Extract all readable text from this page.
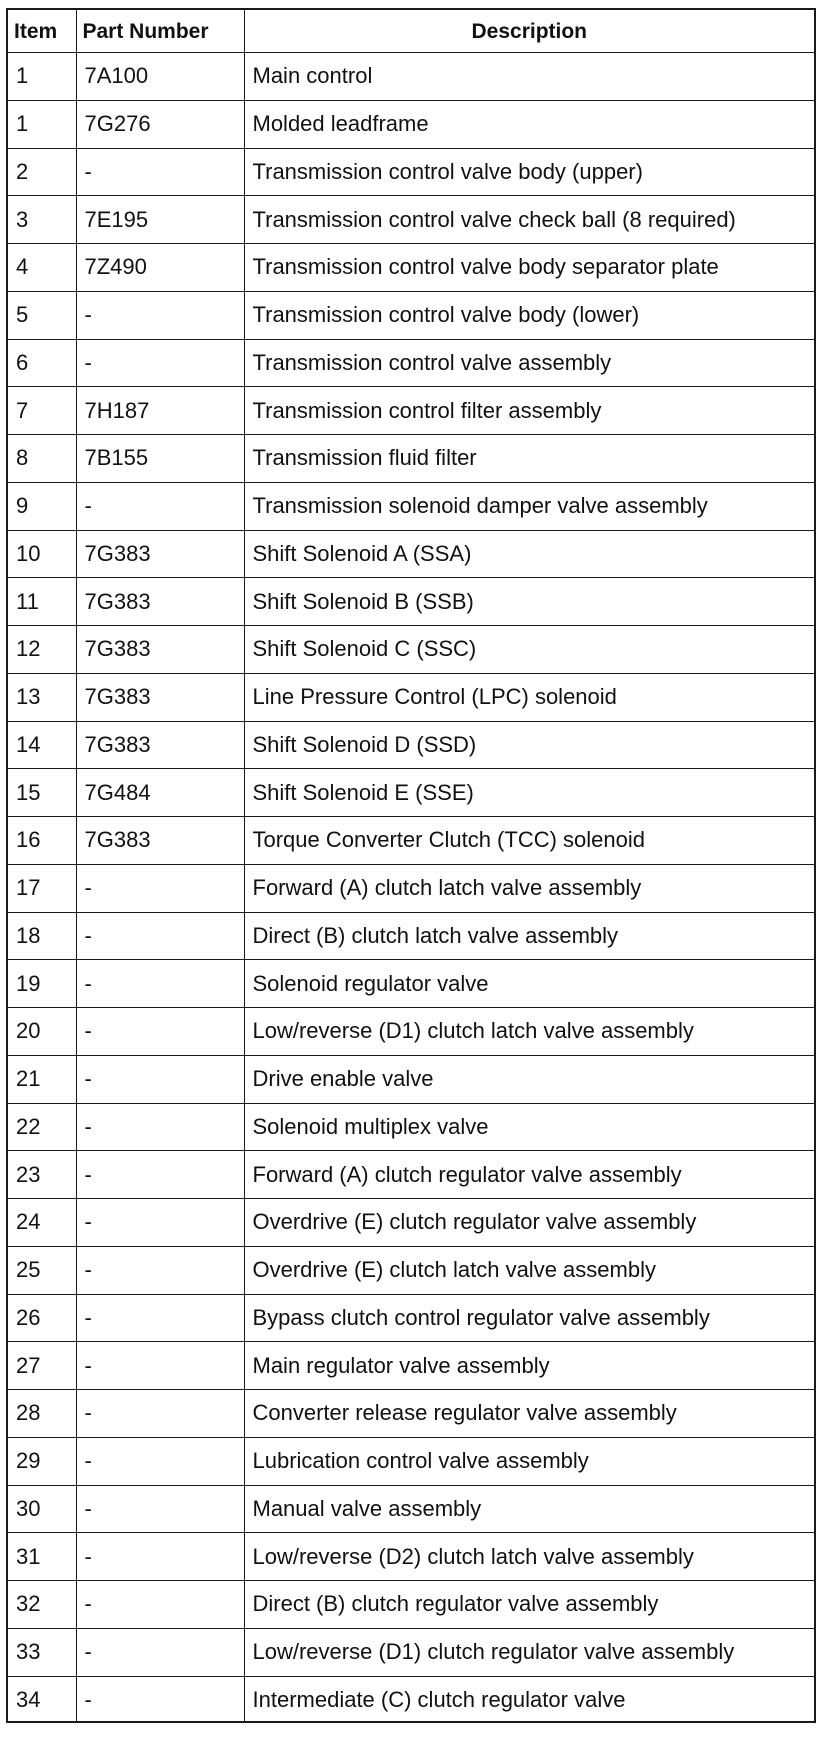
Item	Part Number	Description
1	7A100	Main control
1	7G276	Molded leadframe
2	-	Transmission control valve body (upper)
3	7E195	Transmission control valve check ball (8 required)
4	7Z490	Transmission control valve body separator plate
5	-	Transmission control valve body (lower)
6	-	Transmission control valve assembly
7	7H187	Transmission control filter assembly
8	7B155	Transmission fluid filter
9	-	Transmission solenoid damper valve assembly
10	7G383	Shift Solenoid A (SSA)
11	7G383	Shift Solenoid B (SSB)
12	7G383	Shift Solenoid C (SSC)
13	7G383	Line Pressure Control (LPC) solenoid
14	7G383	Shift Solenoid D (SSD)
15	7G484	Shift Solenoid E (SSE)
16	7G383	Torque Converter Clutch (TCC) solenoid
17	-	Forward (A) clutch latch valve assembly
18	-	Direct (B) clutch latch valve assembly
19	-	Solenoid regulator valve
20	-	Low/reverse (D1) clutch latch valve assembly
21	-	Drive enable valve
22	-	Solenoid multiplex valve
23	-	Forward (A) clutch regulator valve assembly
24	-	Overdrive (E) clutch regulator valve assembly
25	-	Overdrive (E) clutch latch valve assembly
26	-	Bypass clutch control regulator valve assembly
27	-	Main regulator valve assembly
28	-	Converter release regulator valve assembly
29	-	Lubrication control valve assembly
30	-	Manual valve assembly
31	-	Low/reverse (D2) clutch latch valve assembly
32	-	Direct (B) clutch regulator valve assembly
33	-	Low/reverse (D1) clutch regulator valve assembly
34	-	Intermediate (C) clutch regulator valve
